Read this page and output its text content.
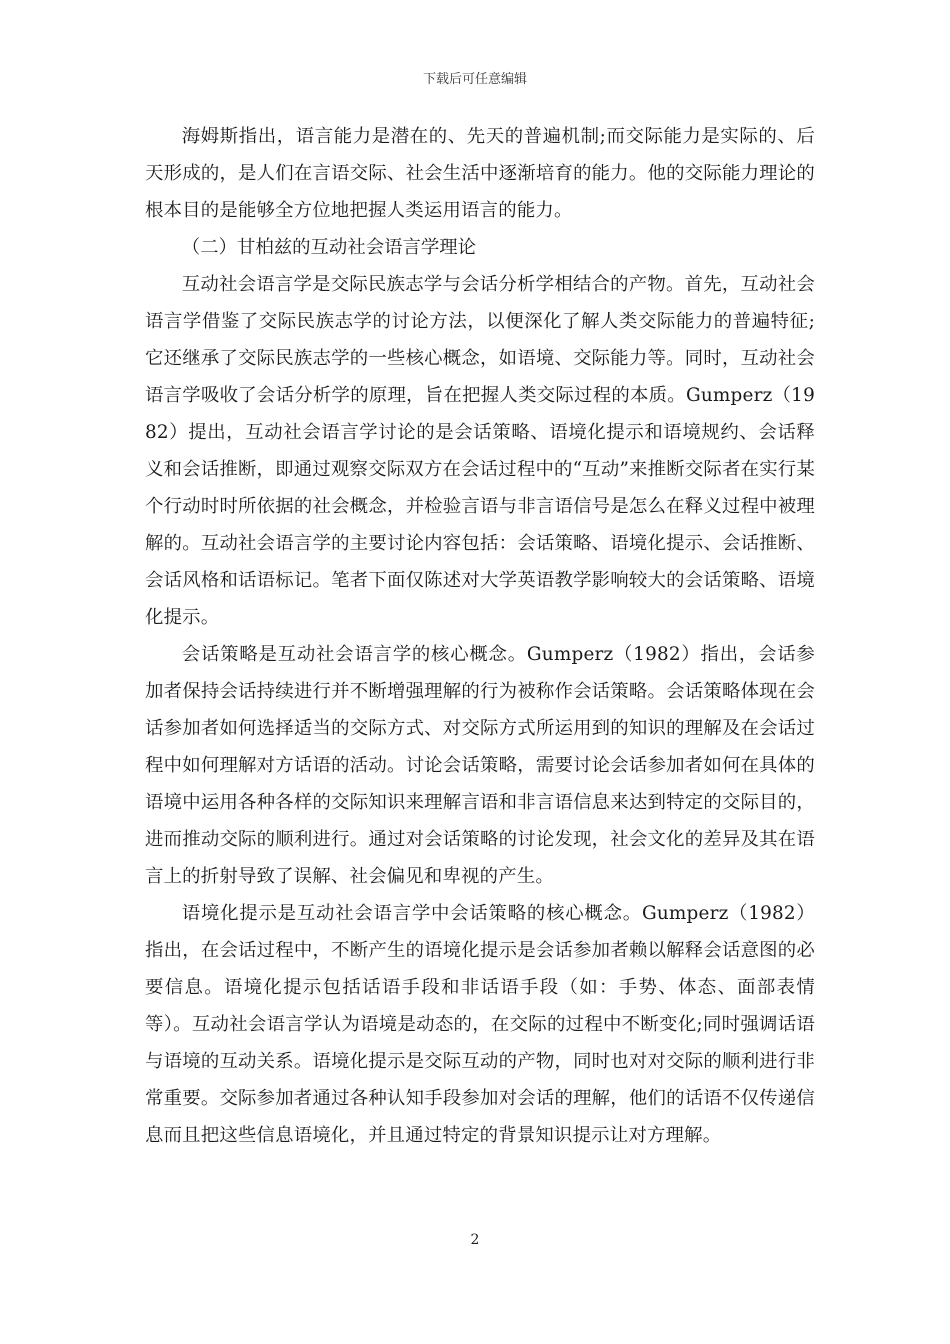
下载后可任意编辑

海姆斯指出，语言能力是潜在的、先天的普遍机制;而交际能力是实际的、后天形成的，是人们在言语交际、社会生活中逐渐培育的能力。他的交际能力理论的根本目的是能够全方位地把握人类运用语言的能力。

（二）甘柏兹的互动社会语言学理论

互动社会语言学是交际民族志学与会话分析学相结合的产物。首先，互动社会语言学借鉴了交际民族志学的讨论方法，以便深化了解人类交际能力的普遍特征;它还继承了交际民族志学的一些核心概念，如语境、交际能力等。同时，互动社会语言学吸收了会话分析学的原理，旨在把握人类交际过程的本质。Gumperz（1982）提出，互动社会语言学讨论的是会话策略、语境化提示和语境规约、会话释义和会话推断，即通过观察交际双方在会话过程中的“互动”来推断交际者在实行某个行动时时所依据的社会概念，并检验言语与非言语信号是怎么在释义过程中被理解的。互动社会语言学的主要讨论内容包括：会话策略、语境化提示、会话推断、会话风格和话语标记。笔者下面仅陈述对大学英语教学影响较大的会话策略、语境化提示。

会话策略是互动社会语言学的核心概念。Gumperz（1982）指出，会话参加者保持会话持续进行并不断增强理解的行为被称作会话策略。会话策略体现在会话参加者如何选择适当的交际方式、对交际方式所运用到的知识的理解及在会话过程中如何理解对方话语的活动。讨论会话策略，需要讨论会话参加者如何在具体的语境中运用各种各样的交际知识来理解言语和非言语信息来达到特定的交际目的，进而推动交际的顺利进行。通过对会话策略的讨论发现，社会文化的差异及其在语言上的折射导致了误解、社会偏见和卑视的产生。

语境化提示是互动社会语言学中会话策略的核心概念。Gumperz（1982）指出，在会话过程中，不断产生的语境化提示是会话参加者赖以解释会话意图的必要信息。语境化提示包括话语手段和非话语手段（如：手势、体态、面部表情等）。互动社会语言学认为语境是动态的，在交际的过程中不断变化;同时强调话语与语境的互动关系。语境化提示是交际互动的产物，同时也对对交际的顺利进行非常重要。交际参加者通过各种认知手段参加对会话的理解，他们的话语不仅传递信息而且把这些信息语境化，并且通过特定的背景知识提示让对方理解。

2
